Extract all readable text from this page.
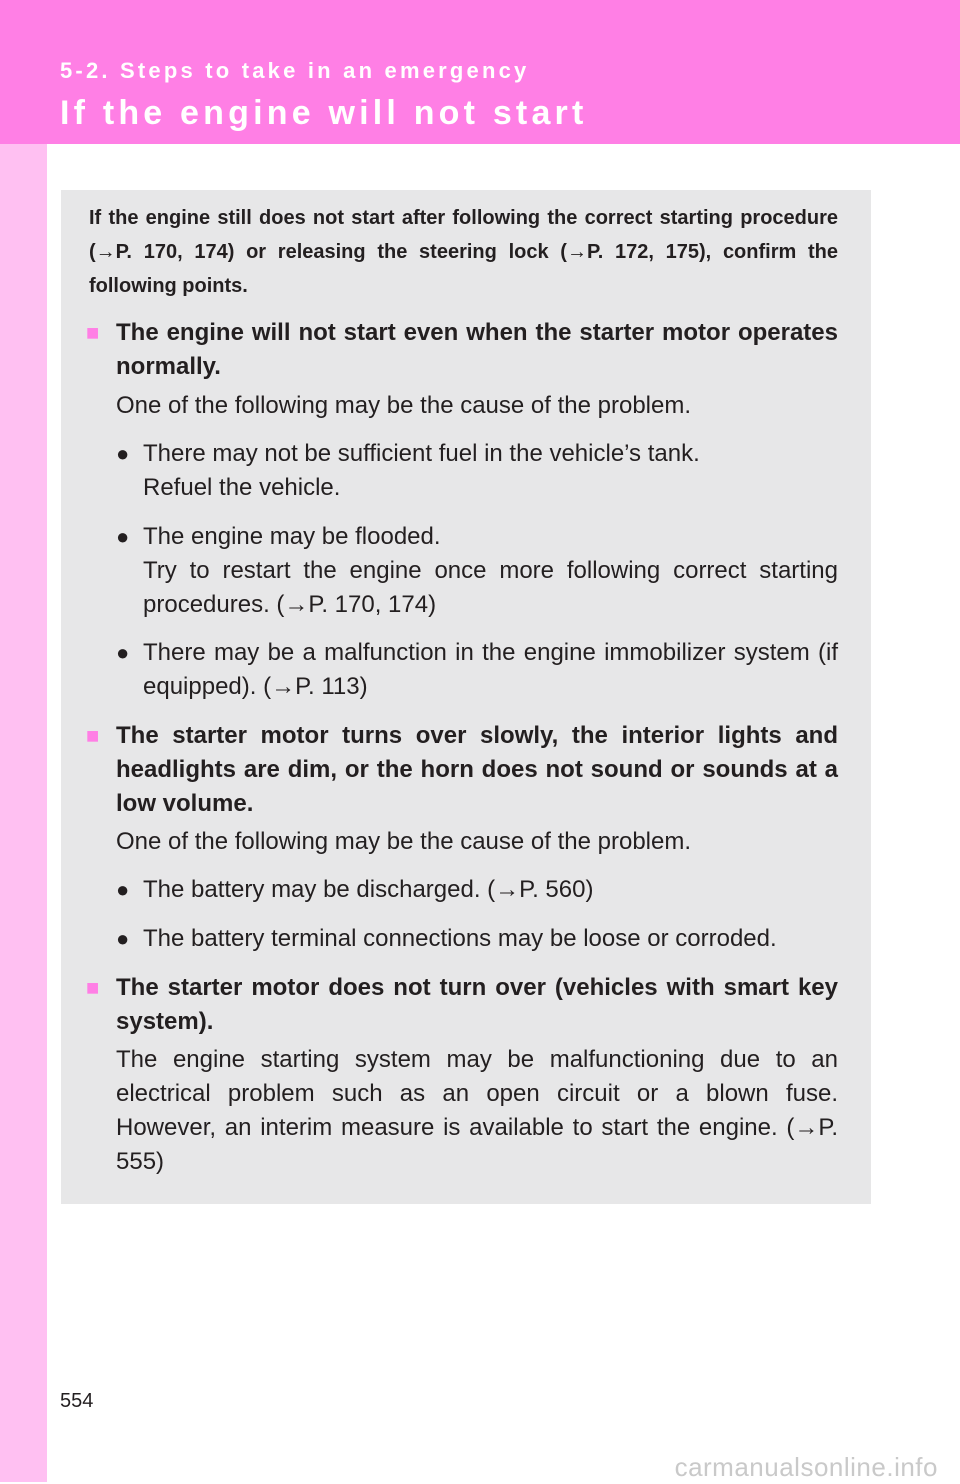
5-2. Steps to take in an emergency
If the engine will not start
If the engine still does not start after following the correct starting procedure (→P. 170, 174) or releasing the steering lock (→P. 172, 175), confirm the following points.
■ The engine will not start even when the starter motor operates normally.
One of the following may be the cause of the problem.
● There may not be sufficient fuel in the vehicle’s tank.
Refuel the vehicle.
● The engine may be flooded.
Try to restart the engine once more following correct starting procedures. (→P. 170, 174)
● There may be a malfunction in the engine immobilizer system (if equipped). (→P. 113)
■ The starter motor turns over slowly, the interior lights and headlights are dim, or the horn does not sound or sounds at a low volume.
One of the following may be the cause of the problem.
● The battery may be discharged. (→P. 560)
● The battery terminal connections may be loose or corroded.
■ The starter motor does not turn over (vehicles with smart key system).
The engine starting system may be malfunctioning due to an electrical problem such as an open circuit or a blown fuse. However, an interim measure is available to start the engine. (→P. 555)
554
carmanualsonline.info
